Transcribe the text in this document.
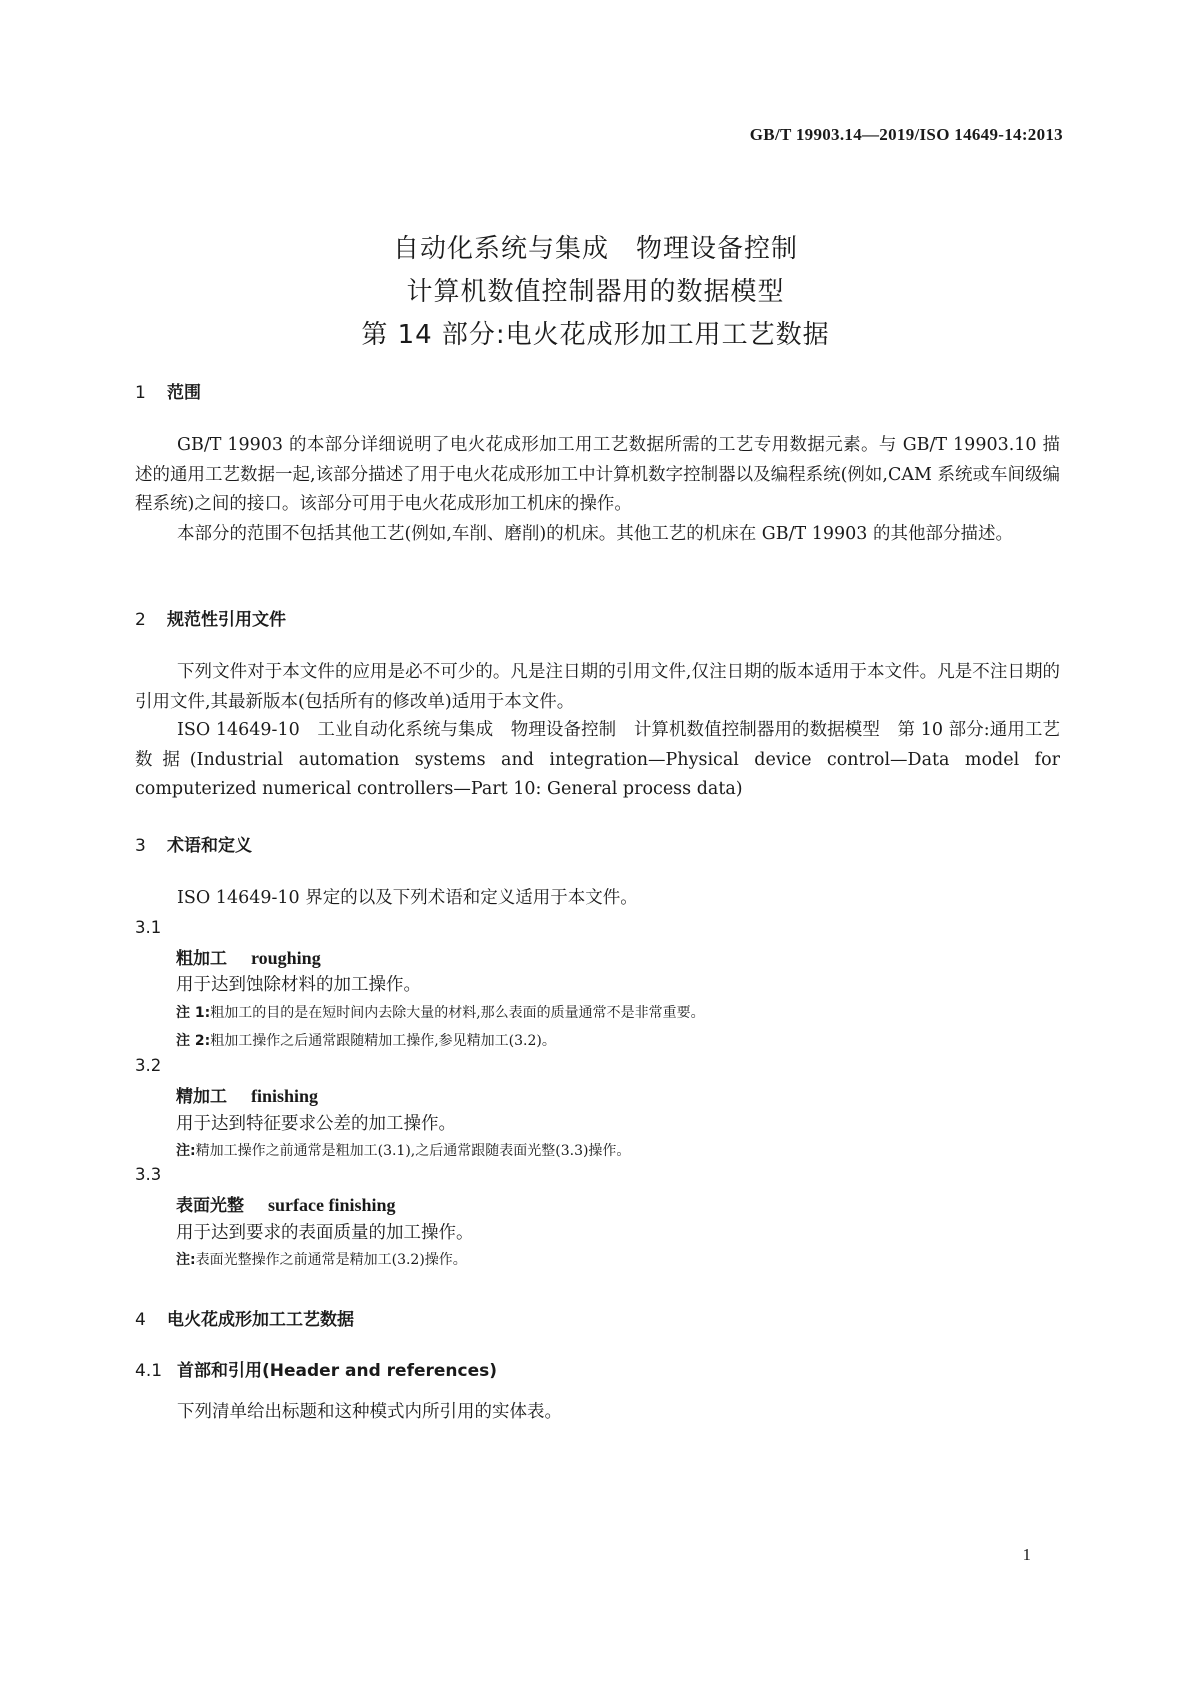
GB/T 19903.14—2019/ISO 14649-14:2013
自动化系统与集成　物理设备控制
计算机数值控制器用的数据模型
第 14 部分:电火花成形加工用工艺数据
1 范围
GB/T 19903 的本部分详细说明了电火花成形加工用工艺数据所需的工艺专用数据元素。与 GB/T 19903.10 描述的通用工艺数据一起,该部分描述了用于电火花成形加工中计算机数字控制器以及编程系统(例如,CAM 系统或车间级编程系统)之间的接口。该部分可用于电火花成形加工机床的操作。
本部分的范围不包括其他工艺(例如,车削、磨削)的机床。其他工艺的机床在 GB/T 19903 的其他部分描述。
2 规范性引用文件
下列文件对于本文件的应用是必不可少的。凡是注日期的引用文件,仅注日期的版本适用于本文件。凡是不注日期的引用文件,其最新版本(包括所有的修改单)适用于本文件。
ISO 14649-10　工业自动化系统与集成　物理设备控制　计算机数值控制器用的数据模型　第 10 部分:通用工艺数据(Industrial automation systems and integration—Physical device control—Data model for computerized numerical controllers—Part 10: General process data)
3 术语和定义
ISO 14649-10 界定的以及下列术语和定义适用于本文件。
3.1
粗加工 roughing
用于达到蚀除材料的加工操作。
注 1:粗加工的目的是在短时间内去除大量的材料,那么表面的质量通常不是非常重要。
注 2:粗加工操作之后通常跟随精加工操作,参见精加工(3.2)。
3.2
精加工 finishing
用于达到特征要求公差的加工操作。
注:精加工操作之前通常是粗加工(3.1),之后通常跟随表面光整(3.3)操作。
3.3
表面光整 surface finishing
用于达到要求的表面质量的加工操作。
注:表面光整操作之前通常是精加工(3.2)操作。
4 电火花成形加工工艺数据
4.1 首部和引用(Header and references)
下列清单给出标题和这种模式内所引用的实体表。
1
